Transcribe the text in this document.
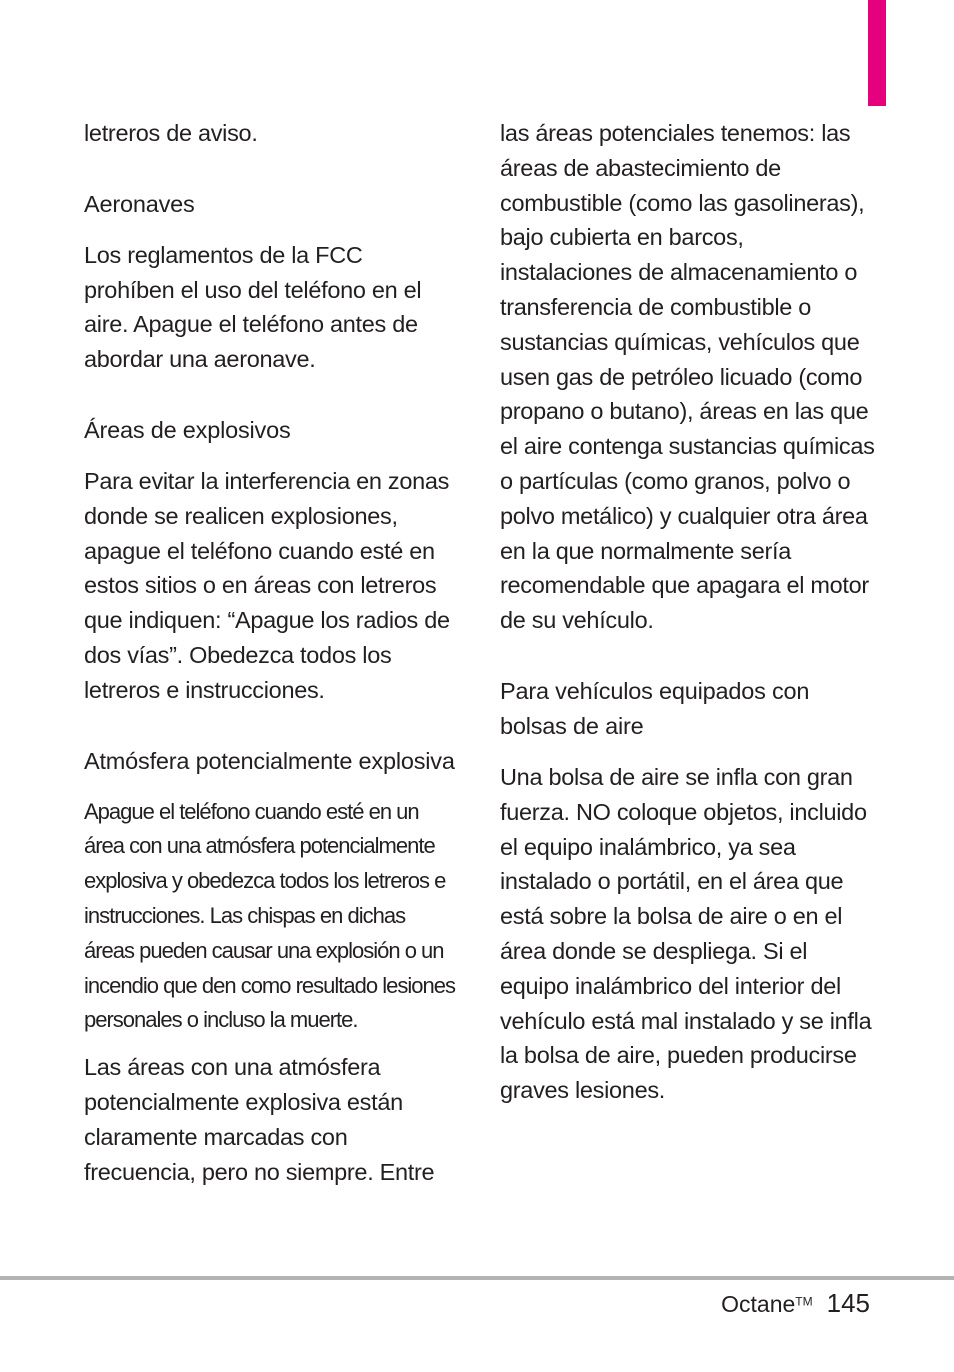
letreros de aviso.

Aeronaves

Los reglamentos de la FCC prohíben el uso del teléfono en el aire. Apague el teléfono antes de abordar una aeronave.

Áreas de explosivos

Para evitar la interferencia en zonas donde se realicen explosiones, apague el teléfono cuando esté en estos sitios o en áreas con letreros que indiquen: “Apague los radios de dos vías”. Obedezca todos los letreros e instrucciones.

Atmósfera potencialmente explosiva

Apague el teléfono cuando esté en un área con una atmósfera potencialmente explosiva y obedezca todos los letreros e instrucciones. Las chispas en dichas áreas pueden causar una explosión o un incendio que den como resultado lesiones personales o incluso la muerte.

Las áreas con una atmósfera potencialmente explosiva están claramente marcadas con frecuencia, pero no siempre. Entre

las áreas potenciales tenemos: las áreas de abastecimiento de combustible (como las gasolineras), bajo cubierta en barcos, instalaciones de almacenamiento o transferencia de combustible o sustancias químicas, vehículos que usen gas de petróleo licuado (como propano o butano), áreas en las que el aire contenga sustancias químicas o partículas (como granos, polvo o polvo metálico) y cualquier otra área en la que normalmente sería recomendable que apagara el motor de su vehículo.

Para vehículos equipados con bolsas de aire

Una bolsa de aire se infla con gran fuerza. NO coloque objetos, incluido el equipo inalámbrico, ya sea instalado o portátil, en el área que está sobre la bolsa de aire o en el área donde se despliega. Si el equipo inalámbrico del interior del vehículo está mal instalado y se infla la bolsa de aire, pueden producirse graves lesiones.

Octane™ 145
